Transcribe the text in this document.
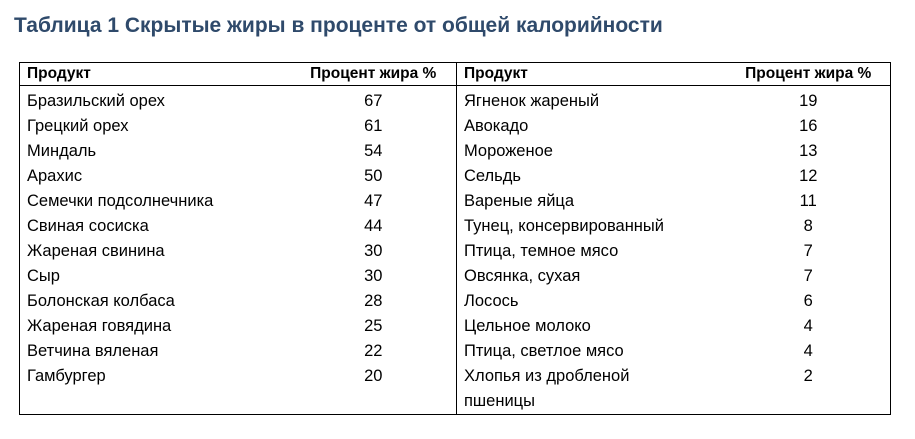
Таблица 1 Скрытые жиры в проценте от общей калорийности
Продукт	Процент жира %	Продукт	Процент жира %
Бразильский орех	67	Ягненок жареный	19
Грецкий орех	61	Авокадо	16
Миндаль	54	Мороженое	13
Арахис	50	Сельдь	12
Семечки подсолнечника	47	Вареные яйца	11
Свиная сосиска	44	Тунец, консервированный	8
Жареная свинина	30	Птица, темное мясо	7
Сыр	30	Овсянка, сухая	7
Болонская колбаса	28	Лосось	6
Жареная говядина	25	Цельное молоко	4
Ветчина вяленая	22	Птица, светлое мясо	4
Гамбургер	20	Хлопья из дробленой пшеницы	2
